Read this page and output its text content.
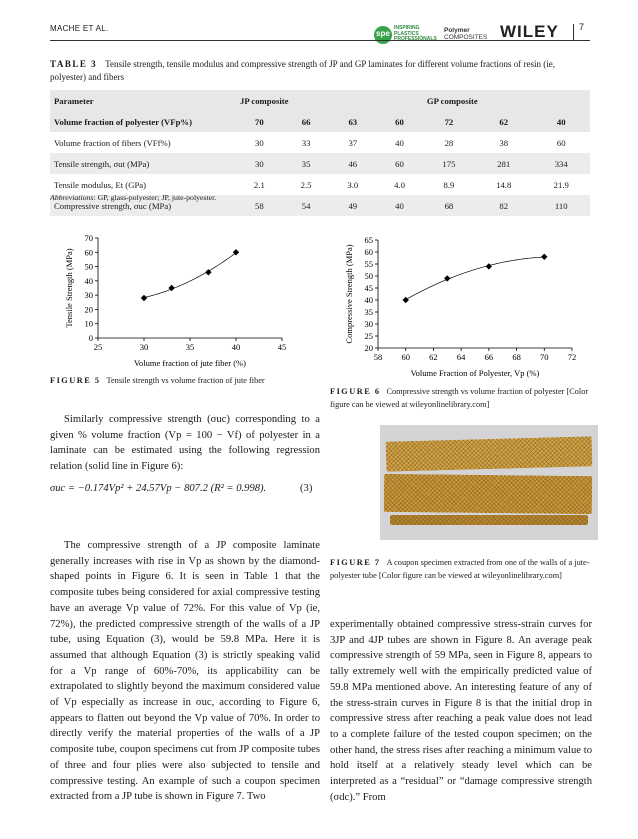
MACHE ET AL.
spe
INSPIRING PLASTICS PROFESSIONALS
Polymer
COMPOSITES WILEY 7
TABLE 3 Tensile strength, tensile modulus and compressive strength of JP and GP laminates for different volume fractions of resin (ie, polyester) and fibers
Parameter	JP composite				GP composite		
Volume fraction of polyester (VFp%)	70	66	63	60	72	62	40
Volume fraction of fibers (VFf%)	30	33	37	40	28	38	60
Tensile strength, σut (MPa)	30	35	46	60	175	281	334
Tensile modulus, Et (GPa)	2.1	2.5	3.0	4.0	8.9	14.8	21.9
Compressive strength, σuc (MPa)	58	54	49	40	68	82	110
Abbreviations: GP, glass-polyester; JP, jute-polyester.
25	30	35	40	45
0
10
20
30
40
50
60
70
Volume fraction of jute fiber (%)
Tensile Strength (MPa)
58 60 62 64 66 68 70 72
20
25
30
35
40
45
50
55
60
65
Volume Fraction of Polyester, Vp (%)
Compressive Strength (MPa)
FIGURE 5 Tensile strength vs volume fraction of jute fiber
FIGURE 6 Compressive strength vs volume fraction of polyester [Color figure can be viewed at wileyonlinelibrary.com]
FIGURE 7 A coupon specimen extracted from one of the walls of a jute-polyester tube [Color figure can be viewed at wileyonlinelibrary.com]
Similarly compressive strength (σuc) corresponding to a given % volume fraction (Vp = 100 − Vf) of polyester in a laminate can be estimated using the following regression relation (solid line in Figure 6):
σuc = −0.174Vp² + 24.57Vp − 807.2 (R² = 0.998).	(3)
The compressive strength of a JP composite laminate generally increases with rise in Vp as shown by the diamond-shaped points in Figure 6. It is seen in Table 1 that the composite tubes being considered for axial compressive testing have an average Vp value of 72%. For this value of Vp (ie, 72%), the predicted compressive strength of the walls of a JP tube, using Equation (3), would be 59.8 MPa. Here it is assumed that although Equation (3) is strictly speaking valid for a Vp range of 60%-70%, its applicability can be extrapolated to slightly beyond the maximum considered value of Vp especially as increase in σuc, according to Figure 6, appears to flatten out beyond the Vp value of 70%. In order to directly verify the material properties of the walls of a JP composite tube, coupon specimens cut from JP composite tubes of three and four plies were also subjected to tensile and compressive testing. An example of such a coupon specimen extracted from a JP tube is shown in Figure 7. Two
experimentally obtained compressive stress-strain curves for 3JP and 4JP tubes are shown in Figure 8. An average peak compressive strength of 59 MPa, seen in Figure 8, appears to tally extremely well with the empirically predicted value of 59.8 MPa mentioned above. An interesting feature of any of the stress-strain curves in Figure 8 is that the initial drop in compressive stress after reaching a peak value does not lead to a complete failure of the tested coupon specimen; on the other hand, the stress rises after reaching a minimum value to hold itself at a relatively steady level which can be interpreted as a “residual” or “damage compressive strength (σdc).” From
